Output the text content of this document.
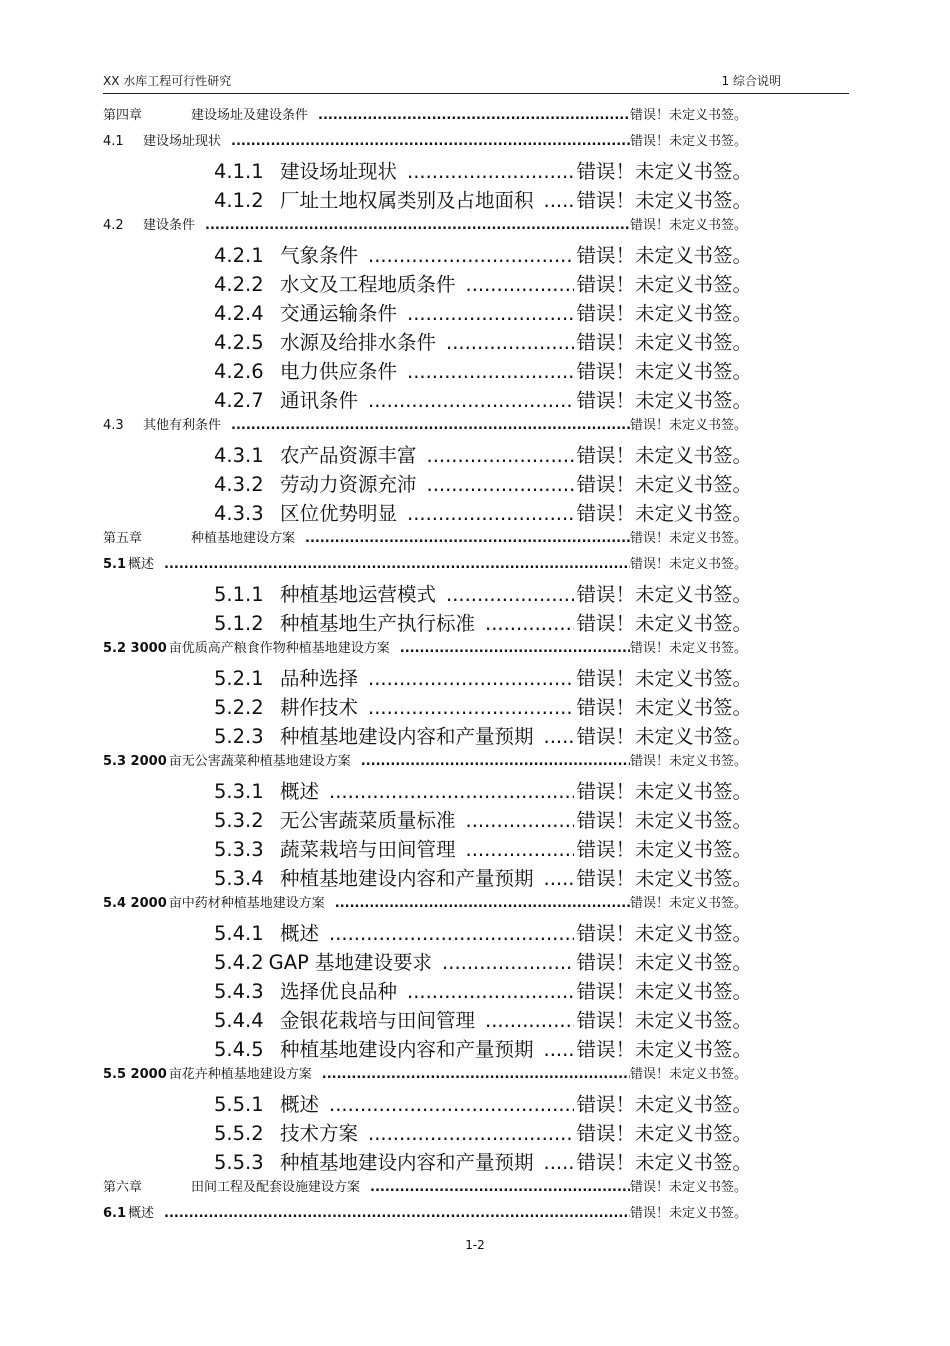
XX 水库工程可行性研究	1 综合说明
第四章	建设场址及建设条件 .....	错误！未定义书签。
4.1 建设场址现状 .....	错误！未定义书签。
4.1.1 建设场址现状 .....	错误！未定义书签。
4.1.2 厂址土地权属类别及占地面积 ..... 错误！未定义书签。
4.2 建设条件 .....	错误！未定义书签。
4.2.1 气象条件 .....	错误！未定义书签。
4.2.2 水文及工程地质条件 .....	错误！未定义书签。
4.2.4 交通运输条件 .....	错误！未定义书签。
4.2.5 水源及给排水条件 .....	错误！未定义书签。
4.2.6 电力供应条件 .....	错误！未定义书签。
4.2.7 通讯条件 .....	错误！未定义书签。
4.3 其他有利条件 .....	错误！未定义书签。
4.3.1 农产品资源丰富 .....	错误！未定义书签。
4.3.2 劳动力资源充沛 .....	错误！未定义书签。
4.3.3 区位优势明显 .....	错误！未定义书签。
第五章	种植基地建设方案 .....	错误！未定义书签。
5.1 概述 .....	错误！未定义书签。
5.1.1 种植基地运营模式 .....	错误！未定义书签。
5.1.2 种植基地生产执行标准 .....	错误！未定义书签。
5.2 3000 亩优质高产粮食作物种植基地建设方案 .....	错误！未定义书签。
5.2.1 品种选择 .....	错误！未定义书签。
5.2.2 耕作技术 .....	错误！未定义书签。
5.2.3 种植基地建设内容和产量预期 ..... 错误！未定义书签。
5.3 2000 亩无公害蔬菜种植基地建设方案 .....	错误！未定义书签。
5.3.1 概述 .....	错误！未定义书签。
5.3.2 无公害蔬菜质量标准 .....	错误！未定义书签。
5.3.3 蔬菜栽培与田间管理 .....	错误！未定义书签。
5.3.4 种植基地建设内容和产量预期 ..... 错误！未定义书签。
5.4 2000 亩中药材种植基地建设方案 .....	错误！未定义书签。
5.4.1 概述 .....	错误！未定义书签。
5.4.2 GAP 基地建设要求 .....	错误！未定义书签。
5.4.3 选择优良品种 .....	错误！未定义书签。
5.4.4 金银花栽培与田间管理 .....	错误！未定义书签。
5.4.5 种植基地建设内容和产量预期 ..... 错误！未定义书签。
5.5 2000 亩花卉种植基地建设方案 .....	错误！未定义书签。
5.5.1 概述 .....	错误！未定义书签。
5.5.2 技术方案 .....	错误！未定义书签。
5.5.3 种植基地建设内容和产量预期 ..... 错误！未定义书签。
第六章	田间工程及配套设施建设方案 .....	错误！未定义书签。
6.1 概述 .....	错误！未定义书签。
1-2
